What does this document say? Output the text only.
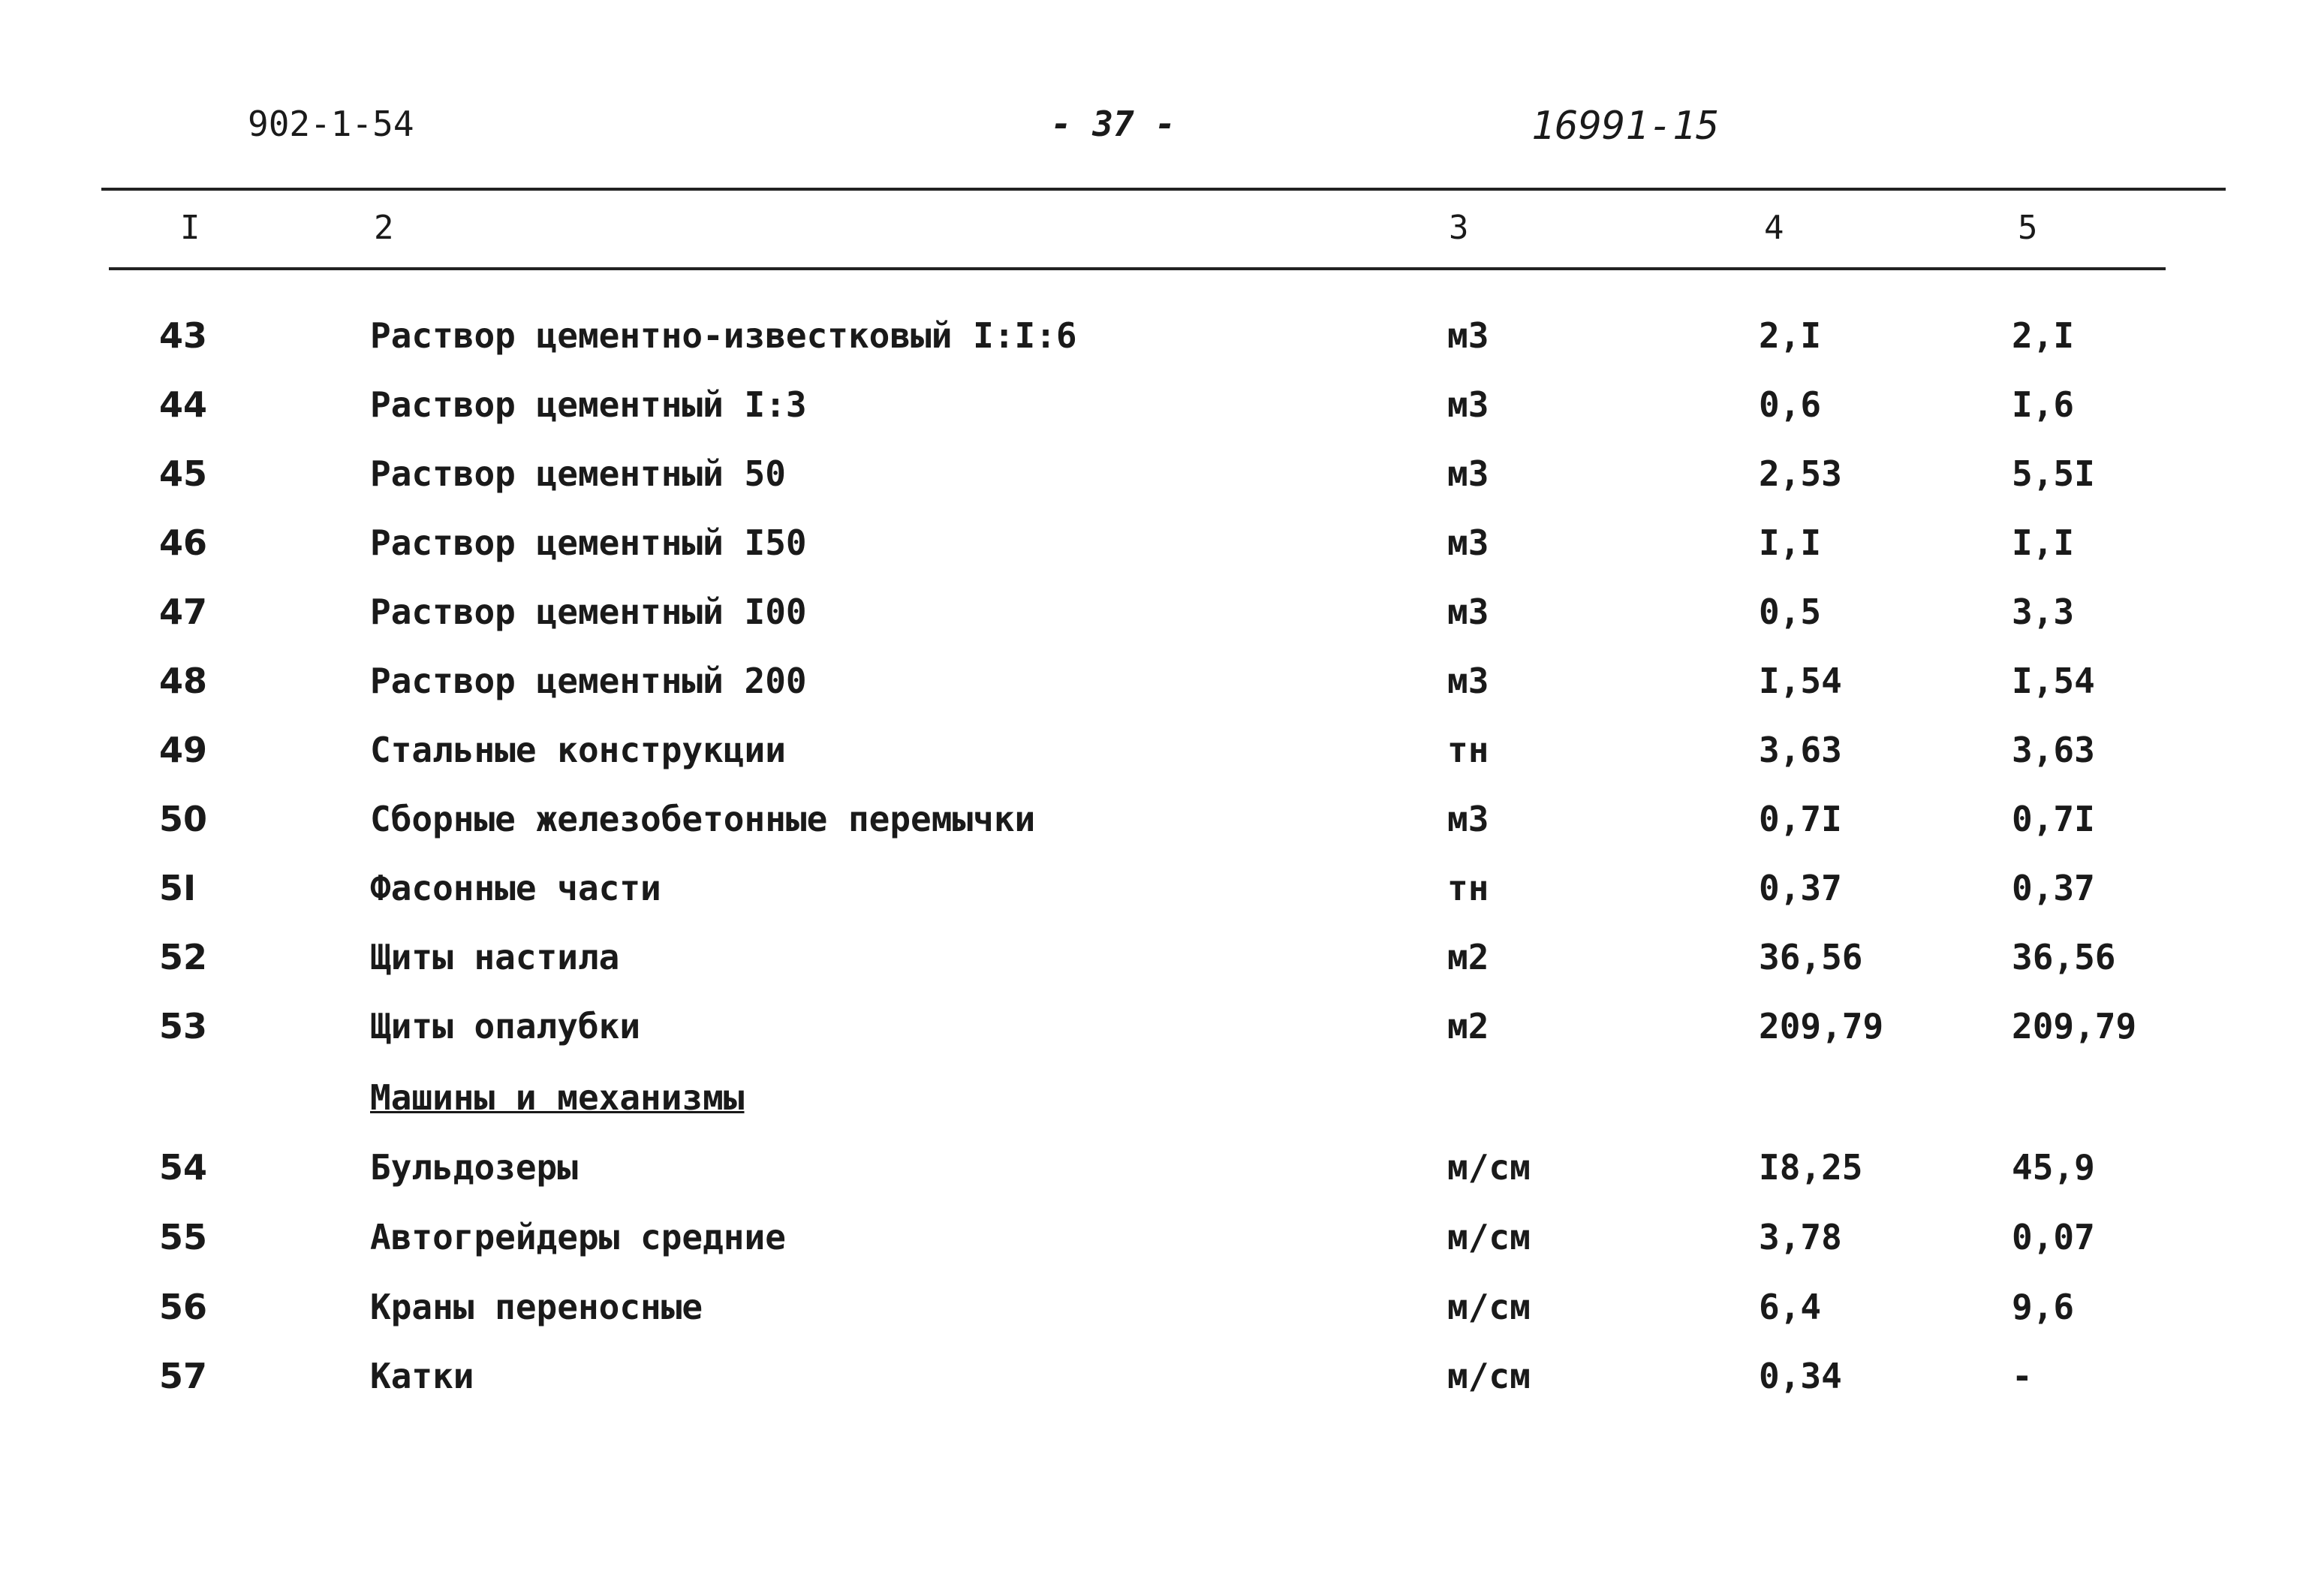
902-1-54	- 37 -	16991-15
I	2	3	4	5
43	Раствор цементно-известковый I:I:6	м3	2,I	2,I
44	Раствор цементный I:3	м3	0,6	I,6
45	Раствор цементный 50	м3	2,53	5,5I
46	Раствор цементный I50	м3	I,I	I,I
47	Раствор цементный I00	м3	0,5	3,3
48	Раствор цементный 200	м3	I,54	I,54
49	Стальные конструкции	тн	3,63	3,63
50	Сборные железобетонные перемычки	м3	0,7I	0,7I
5I	Фасонные части	тн	0,37	0,37
52	Щиты настила	м2	36,56	36,56
53	Щиты опалубки	м2	209,79	209,79
Машины и механизмы
54	Бульдозеры	м/см	I8,25	45,9
55	Автогрейдеры средние	м/см	3,78	0,07
56	Краны переносные	м/см	6,4	9,6
57	Катки	м/см	0,34	-
